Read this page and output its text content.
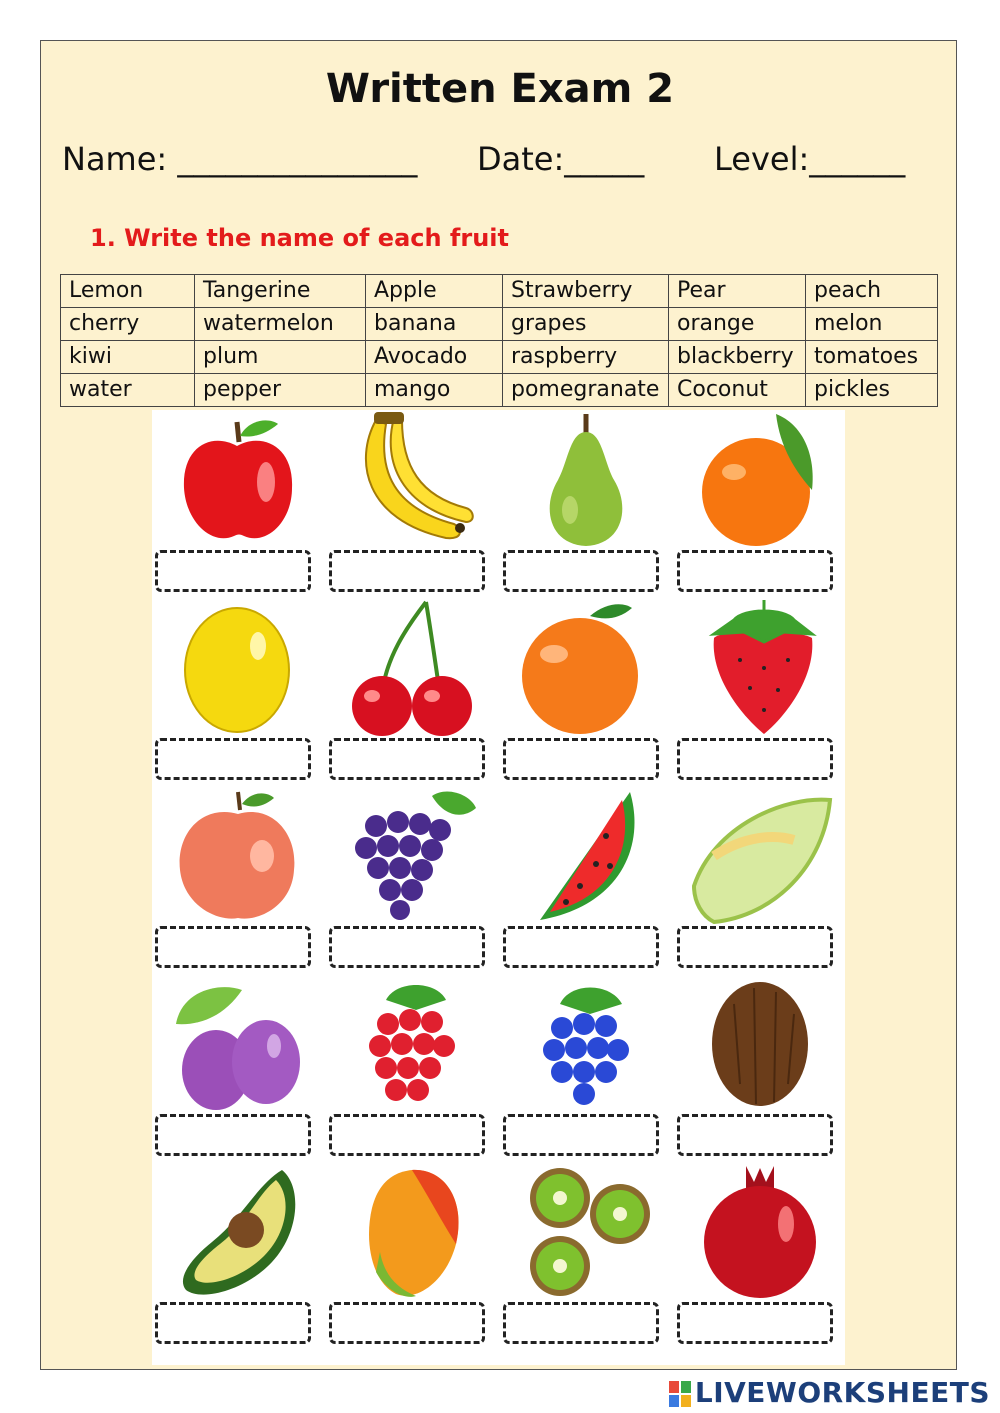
Written Exam 2
Name: _______________ Date:_____ Level:______
1. Write the name of each fruit
Lemon	Tangerine	Apple	Strawberry	Pear	peach
cherry	watermelon	banana	grapes	orange	melon
kiwi	plum	Avocado	raspberry	blackberry	tomatoes
water	pepper	mango	pomegranate	Coconut	pickles
LIVEWORKSHEETS
